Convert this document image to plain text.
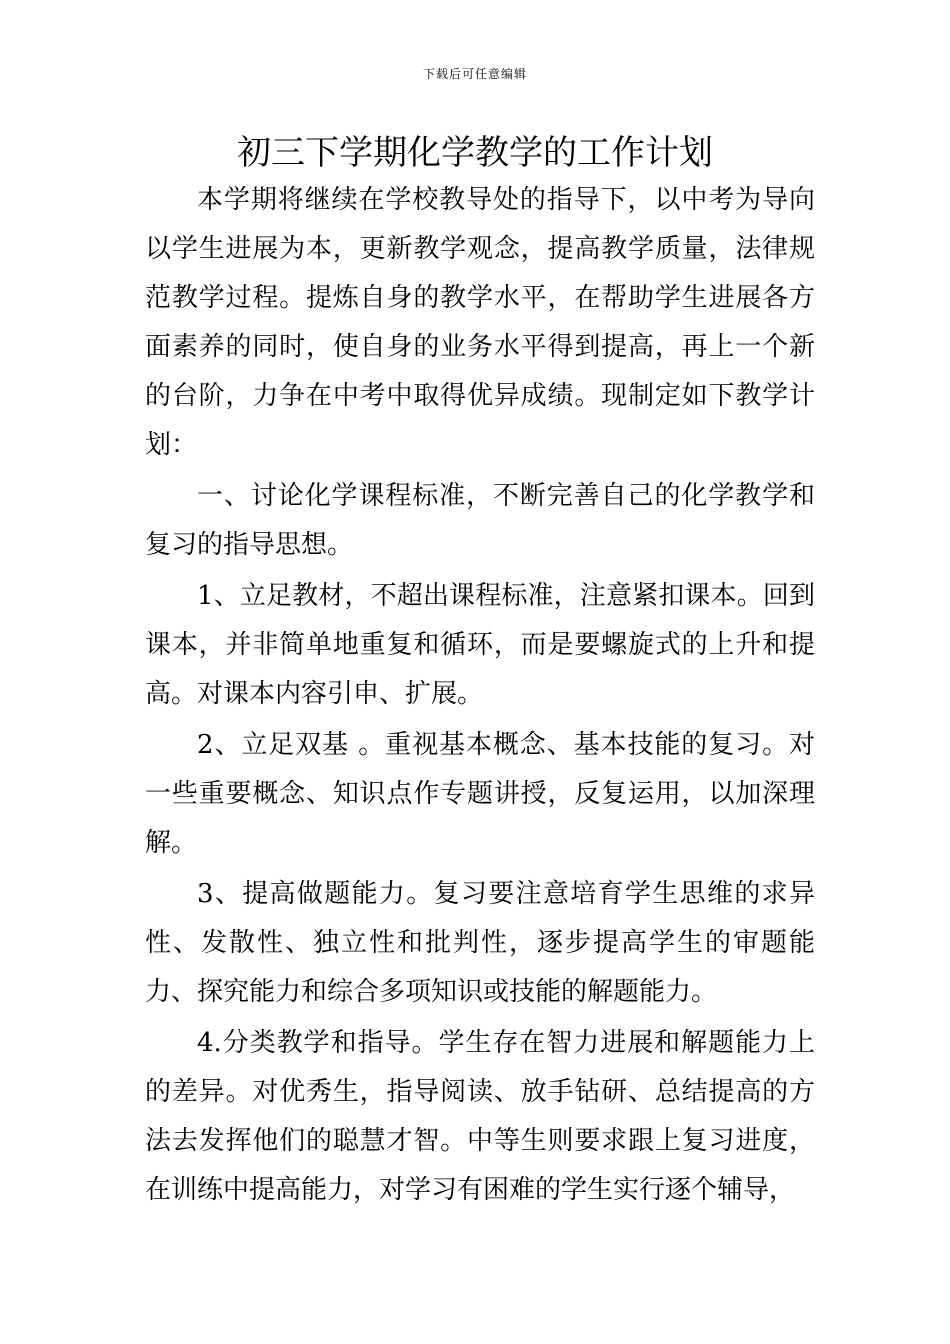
下载后可任意编辑
初三下学期化学教学的工作计划

本学期将继续在学校教导处的指导下，以中考为导向以学生进展为本，更新教学观念，提高教学质量，法律规范教学过程。提炼自身的教学水平，在帮助学生进展各方面素养的同时，使自身的业务水平得到提高，再上一个新的台阶，力争在中考中取得优异成绩。现制定如下教学计划：

一、讨论化学课程标准，不断完善自己的化学教学和复习的指导思想。

1、立足教材，不超出课程标准，注意紧扣课本。回到课本，并非简单地重复和循环，而是要螺旋式的上升和提高。对课本内容引申、扩展。

2、立足双基 。重视基本概念、基本技能的复习。对一些重要概念、知识点作专题讲授，反复运用，以加深理解。

3、提高做题能力。复习要注意培育学生思维的求异性、发散性、独立性和批判性，逐步提高学生的审题能力、探究能力和综合多项知识或技能的解题能力。

4.分类教学和指导。学生存在智力进展和解题能力上的差异。对优秀生，指导阅读、放手钻研、总结提高的方法去发挥他们的聪慧才智。中等生则要求跟上复习进度，在训练中提高能力，对学习有困难的学生实行逐个辅导，
